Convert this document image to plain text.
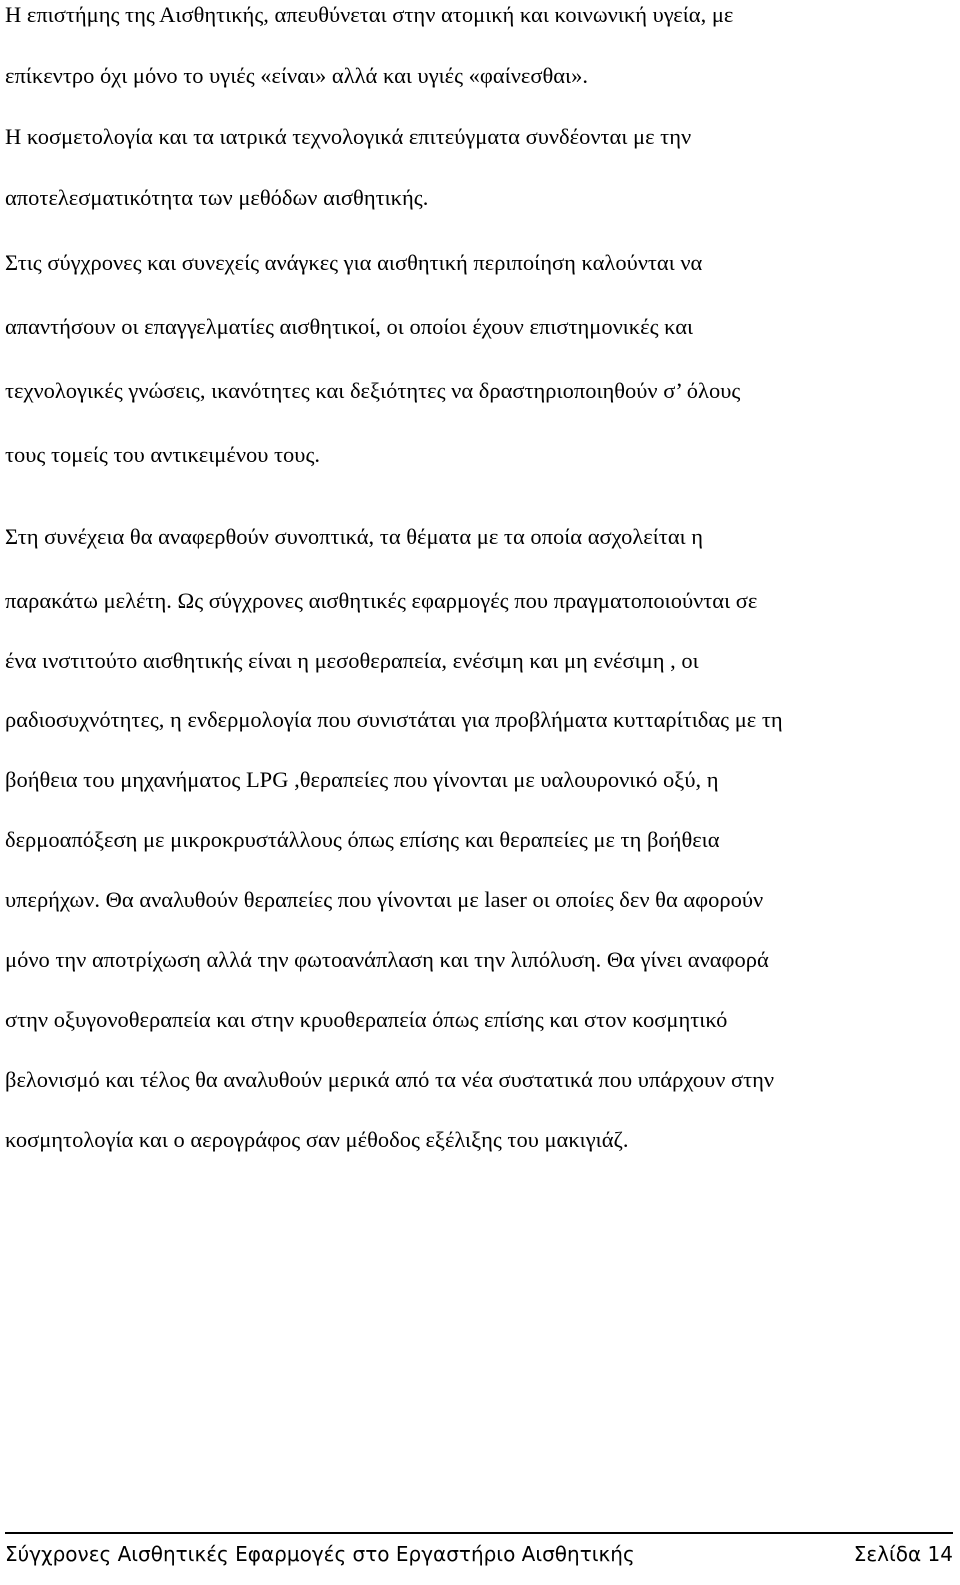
Η επιστήμης της Αισθητικής, απευθύνεται στην ατομική και κοινωνική υγεία, με
επίκεντρο όχι μόνο το υγιές «είναι» αλλά και υγιές «φαίνεσθαι».
Η κοσμετολογία και τα ιατρικά τεχνολογικά επιτεύγματα συνδέονται με την
αποτελεσματικότητα των μεθόδων αισθητικής.
Στις σύγχρονες και συνεχείς ανάγκες για αισθητική περιποίηση καλούνται να
απαντήσουν οι επαγγελματίες αισθητικοί, οι οποίοι έχουν επιστημονικές και
τεχνολογικές γνώσεις, ικανότητες και δεξιότητες να δραστηριοποιηθούν σ’ όλους
τους τομείς του αντικειμένου τους.
Στη συνέχεια θα αναφερθούν συνοπτικά, τα θέματα με τα οποία ασχολείται η
παρακάτω μελέτη. Ως σύγχρονες αισθητικές εφαρμογές που πραγματοποιούνται σε
ένα ινστιτούτο αισθητικής είναι η μεσοθεραπεία, ενέσιμη και μη ενέσιμη , οι
ραδιοσυχνότητες, η ενδερμολογία που συνιστάται για προβλήματα κυτταρίτιδας με τη
βοήθεια του μηχανήματος LPG ,θεραπείες που γίνονται με υαλουρονικό οξύ, η
δερμοαπόξεση με μικροκρυστάλλους όπως επίσης και θεραπείες με τη βοήθεια
υπερήχων. Θα αναλυθούν θεραπείες που γίνονται με laser οι οποίες δεν θα αφορούν
μόνο την αποτρίχωση αλλά την φωτοανάπλαση και την λιπόλυση. Θα γίνει αναφορά
στην οξυγονοθεραπεία και στην κρυοθεραπεία όπως επίσης και στον κοσμητικό
βελονισμό και τέλος θα αναλυθούν μερικά από τα νέα συστατικά που υπάρχουν στην
κοσμητολογία και ο αερογράφος σαν μέθοδος εξέλιξης του μακιγιάζ.
Σύγχρονες Αισθητικές Εφαρμογές στο Εργαστήριο Αισθητικής	Σελίδα 14
